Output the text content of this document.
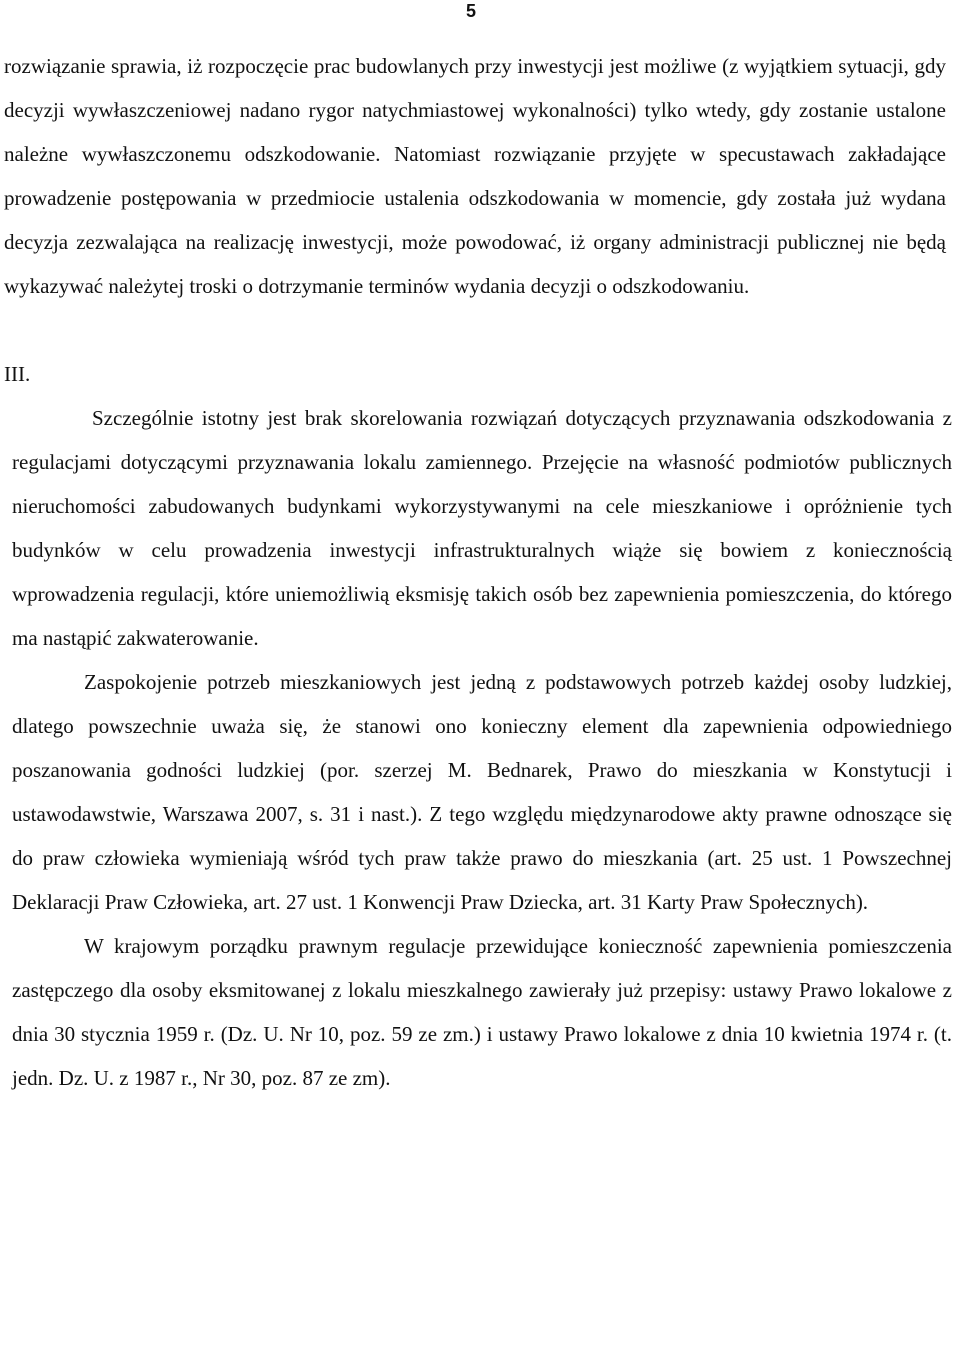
5

rozwiązanie sprawia, iż rozpoczęcie prac budowlanych przy inwestycji jest możliwe (z wyjątkiem sytuacji, gdy decyzji wywłaszczeniowej nadano rygor natychmiastowej wykonalności) tylko wtedy, gdy zostanie ustalone należne wywłaszczonemu odszkodowanie. Natomiast rozwiązanie przyjęte w specustawach zakładające prowadzenie postępowania w przedmiocie ustalenia odszkodowania w momencie, gdy została już wydana decyzja zezwalająca na realizację inwestycji, może powodować, iż organy administracji publicznej nie będą wykazywać należytej troski o dotrzymanie terminów wydania decyzji o odszkodowaniu.

III.

Szczególnie istotny jest brak skorelowania rozwiązań dotyczących przyznawania odszkodowania z regulacjami dotyczącymi przyznawania lokalu zamiennego. Przejęcie na własność podmiotów publicznych nieruchomości zabudowanych budynkami wykorzystywanymi na cele mieszkaniowe i opróżnienie tych budynków w celu prowadzenia inwestycji infrastrukturalnych wiąże się bowiem z koniecznością wprowadzenia regulacji, które uniemożliwią eksmisję takich osób bez zapewnienia pomieszczenia, do którego ma nastąpić zakwaterowanie.

Zaspokojenie potrzeb mieszkaniowych jest jedną z podstawowych potrzeb każdej osoby ludzkiej, dlatego powszechnie uważa się, że stanowi ono konieczny element dla zapewnienia odpowiedniego poszanowania godności ludzkiej (por. szerzej M. Bednarek, Prawo do mieszkania w Konstytucji i ustawodawstwie, Warszawa 2007, s. 31 i nast.). Z tego względu międzynarodowe akty prawne odnoszące się do praw człowieka wymieniają wśród tych praw także prawo do mieszkania (art. 25 ust. 1 Powszechnej Deklaracji Praw Człowieka, art. 27 ust. 1 Konwencji Praw Dziecka, art. 31 Karty Praw Społecznych).

W krajowym porządku prawnym regulacje przewidujące konieczność zapewnienia pomieszczenia zastępczego dla osoby eksmitowanej z lokalu mieszkalnego zawierały już przepisy: ustawy Prawo lokalowe z dnia 30 stycznia 1959 r. (Dz. U. Nr 10, poz. 59 ze zm.) i ustawy Prawo lokalowe z dnia 10 kwietnia 1974 r. (t. jedn. Dz. U. z 1987 r., Nr 30, poz. 87 ze zm).
